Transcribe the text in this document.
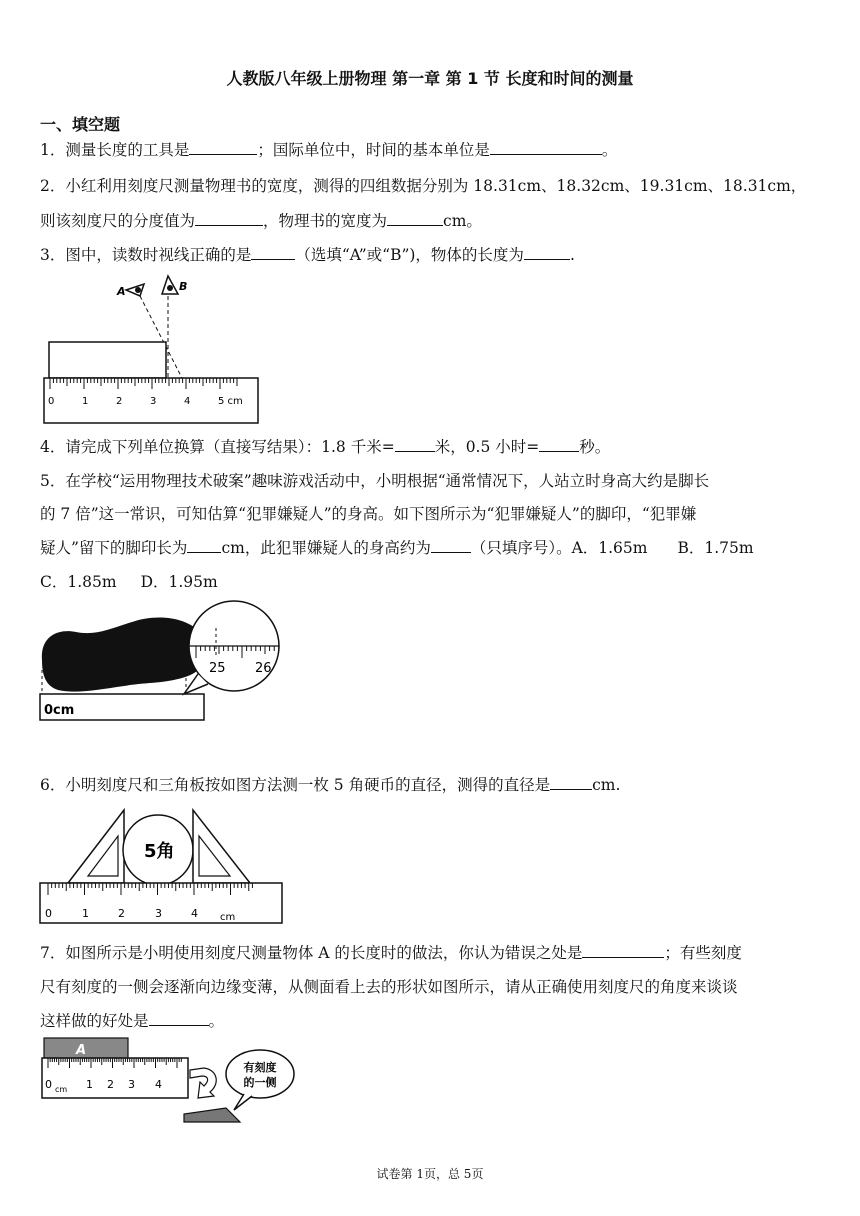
人教版八年级上册物理 第一章 第 1 节 长度和时间的测量
一、填空题
1．测量长度的工具是	；国际单位中，时间的基本单位是	。
2．小红利用刻度尺测量物理书的宽度，测得的四组数据分别为 18.31cm、18.32cm、19.31cm、18.31cm，
则该刻度尺的分度值为	，物理书的宽度为	cm。
3．图中，读数时视线正确的是	（选填“A”或“B”)，物体的长度为	.
A	B
0	1	2	3	4	5 cm
4．请完成下列单位换算（直接写结果）：1.8 千米=	米，0.5 小时=	秒。
5．在学校“运用物理技术破案”趣味游戏活动中，小明根据“通常情况下，人站立时身高大约是脚长
的 7 倍”这一常识，可知估算“犯罪嫌疑人”的身高。如下图所示为“犯罪嫌疑人”的脚印，“犯罪嫌
疑人”留下的脚印长为 cm，此犯罪嫌疑人的身高约为	（只填序号）。A．1.65m B．1.75m
C．1.85m D．1.95m
0cm
25 26
6．小明刻度尺和三角板按如图方法测一枚 5 角硬币的直径，测得的直径是	cm.
5角
0	1	2	3	4 cm
7．如图所示是小明使用刻度尺测量物体 A 的长度时的做法，你认为错误之处是	；有些刻度
尺有刻度的一侧会逐渐向边缘变薄，从侧面看上去的形状如图所示，请从正确使用刻度尺的角度来谈谈
这样做的好处是	。
A
0 cm 1 2 3 4
有刻度
的一侧
试卷第 1页，总 5页
